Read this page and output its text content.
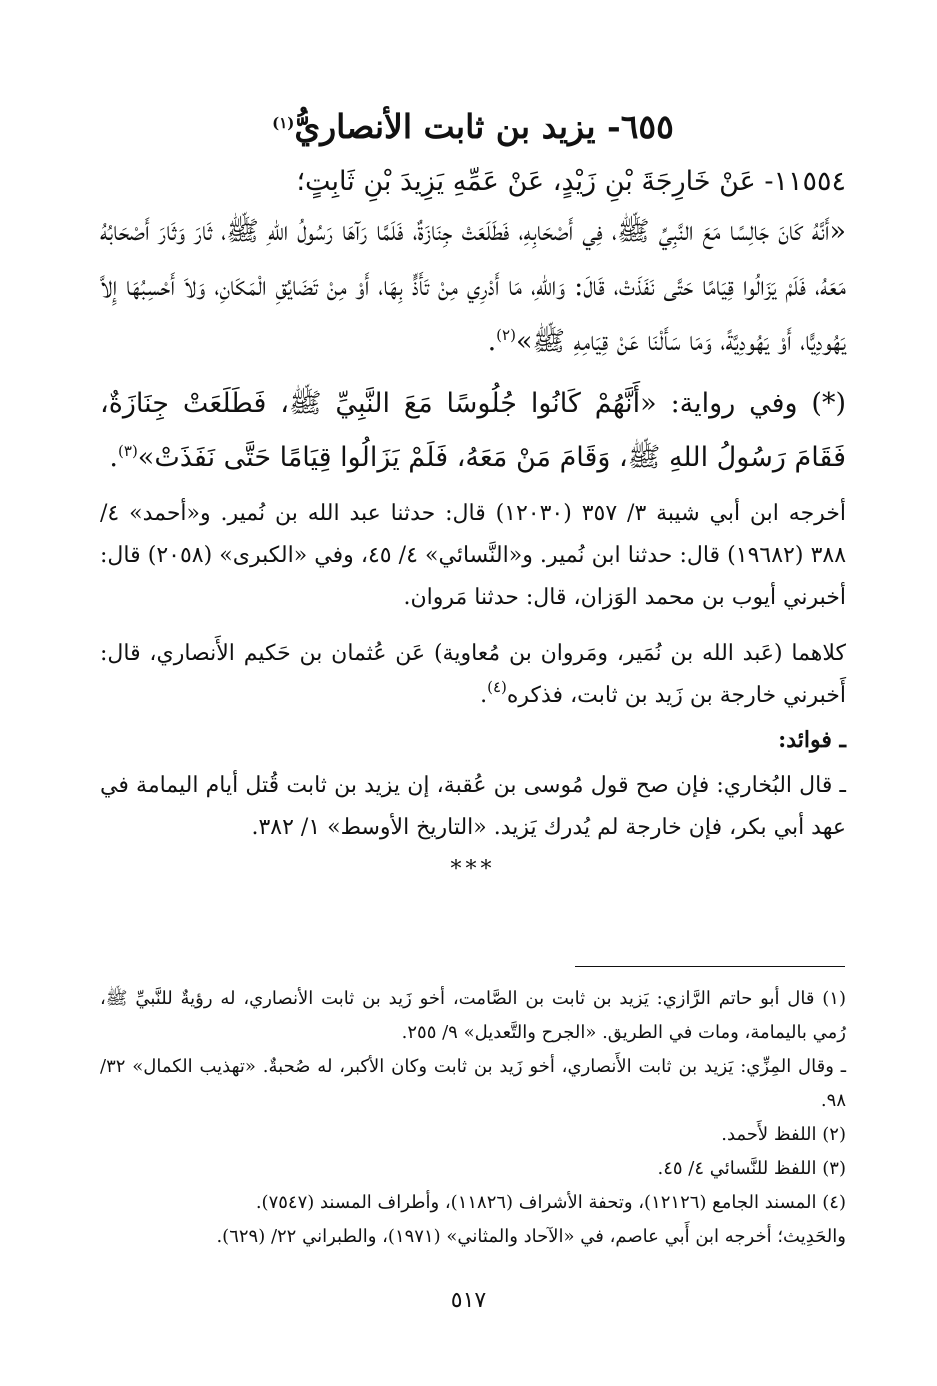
٦٥٥- يزيد بن ثابت الأنصاريُّ$^{(١)}$

١١٥٥٤- عَنْ خَارِجَةَ بْنِ زَيْدٍ، عَنْ عَمِّهِ يَزِيدَ بْنِ ثَابِتٍ؛

«أَنَّهُ كَانَ جَالِسًا مَعَ النَّبِيِّ ﷺ، فِي أَصْحَابِهِ، فَطَلَعَتْ جِنَازَةٌ، فَلَمَّا رَآهَا رَسُولُ اللهِ ﷺ، ثَارَ وَثَارَ أَصْحَابُهُ مَعَهُ، فَلَمْ يَزَالُوا قِيَامًا حَتَّى نَفَذَتْ، قَالَ: وَاللهِ، مَا أَدْرِي مِنْ تَأَذٍّ بِهَا، أَوْ مِنْ تَضَايُقِ الْمَكَانِ، وَلاَ أَحْسِبُهَا إِلاَّ يَهُودِيًّا، أَوْ يَهُودِيَّةً، وَمَا سَأَلْنَا عَنْ قِيَامِهِ ﷺ»$^{(٢)}$.

(*) وفي رواية: «أَنَّهُمْ كَانُوا جُلُوسًا مَعَ النَّبِيِّ ﷺ، فَطَلَعَتْ جِنَازَةٌ، فَقَامَ رَسُولُ اللهِ ﷺ، وَقَامَ مَنْ مَعَهُ، فَلَمْ يَزَالُوا قِيَامًا حَتَّى نَفَذَتْ»$^{(٣)}$.

أخرجه ابن أبي شيبة ٣/ ٣٥٧ (١٢٠٣٠) قال: حدثنا عبد الله بن نُمير. و«أحمد» ٤/ ٣٨٨ (١٩٦٨٢) قال: حدثنا ابن نُمير. و«النَّسائي» ٤/ ٤٥، وفي «الكبرى» (٢٠٥٨) قال: أخبرني أيوب بن محمد الوَزان، قال: حدثنا مَروان.

كلاهما (عَبد الله بن نُمَير، ومَروان بن مُعاوية) عَن عُثمان بن حَكيم الأَنصاري، قال: أَخبرني خارجة بن زَيد بن ثابت، فذكره$^{(٤)}$.

ـ فوائد:

ـ قال البُخاري: فإن صح قول مُوسى بن عُقبة، إن يزيد بن ثابت قُتل أيام اليمامة في عهد أبي بكر، فإن خارجة لم يُدرك يَزيد. «التاريخ الأوسط» ١/ ٣٨٢.

***

(١) قال أبو حاتم الرَّازي: يَزيد بن ثابت بن الصَّامت، أخو زَيد بن ثابت الأنصاري، له رؤيةٌ للنَّبيِّ ﷺ، رُمي باليمامة، ومات في الطريق. «الجرح والتَّعديل» ٩/ ٢٥٥.

ـ وقال المِزِّي: يَزيد بن ثابت الأَنصاري، أخو زَيد بن ثابت وكان الأكبر، له صُحبةٌ. «تهذيب الكمال» ٣٢/ ٩٨.

(٢) اللفظ لأَحمد.

(٣) اللفظ للنَّسائي ٤/ ٤٥.

(٤) المسند الجامع (١٢١٢٦)، وتحفة الأشراف (١١٨٢٦)، وأطراف المسند (٧٥٤٧).

والحَدِيث؛ أخرجه ابن أَبي عاصم، في «الآحاد والمثاني» (١٩٧١)، والطبراني ٢٢/ (٦٢٩).

٥١٧
